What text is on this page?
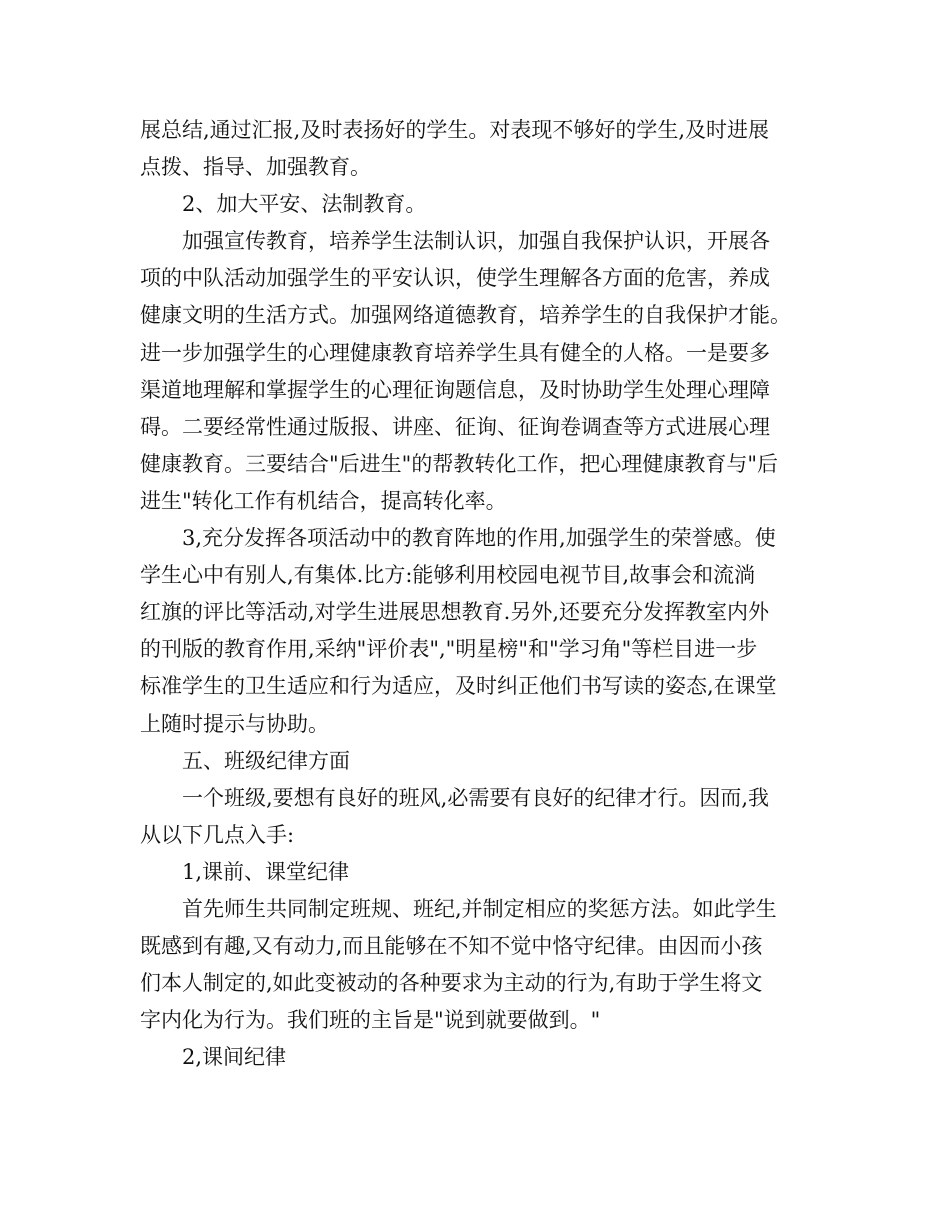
展总结,通过汇报,及时表扬好的学生。对表现不够好的学生,及时进展
点拨、指导、加强教育。
2、加大平安、法制教育。
加强宣传教育，培养学生法制认识，加强自我保护认识，开展各
项的中队活动加强学生的平安认识，使学生理解各方面的危害，养成
健康文明的生活方式。加强网络道德教育，培养学生的自我保护才能。
进一步加强学生的心理健康教育培养学生具有健全的人格。一是要多
渠道地理解和掌握学生的心理征询题信息，及时协助学生处理心理障
碍。二要经常性通过版报、讲座、征询、征询卷调查等方式进展心理
健康教育。三要结合"后进生"的帮教转化工作，把心理健康教育与"后
进生"转化工作有机结合，提高转化率。
3,充分发挥各项活动中的教育阵地的作用,加强学生的荣誉感。使
学生心中有别人,有集体.比方:能够利用校园电视节目,故事会和流淌
红旗的评比等活动,对学生进展思想教育.另外,还要充分发挥教室内外
的刊版的教育作用,采纳"评价表","明星榜"和"学习角"等栏目进一步
标准学生的卫生适应和行为适应，及时纠正他们书写读的姿态,在课堂
上随时提示与协助。
五、班级纪律方面
一个班级,要想有良好的班风,必需要有良好的纪律才行。因而,我
从以下几点入手:
1,课前、课堂纪律
首先师生共同制定班规、班纪,并制定相应的奖惩方法。如此学生
既感到有趣,又有动力,而且能够在不知不觉中恪守纪律。由因而小孩
们本人制定的,如此变被动的各种要求为主动的行为,有助于学生将文
字内化为行为。我们班的主旨是"说到就要做到。"
2,课间纪律
